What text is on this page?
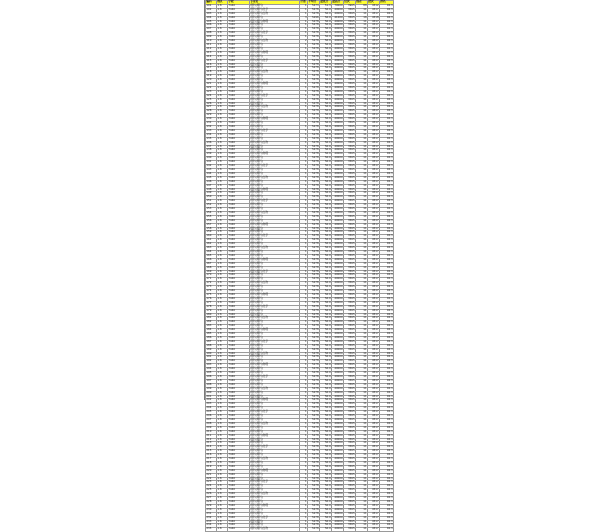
编码	地区	学校	专业名	计划	平均分	最低分	最高分	位次	线差	批次	排名
101	1·8	7440	理科(理科)	1	5273	51.3	79000	3965	88	4512	94.3
102	1·8	7440	理科(理科)化学	1	5278	56.9	49000	3565	11	4517	94.3
103	1·8	7440	理科(理科)生物	1	5278	56.9	49000	3565	11	4517	94.3
104	1·8	7440	理科(理科)	3	5296	56.9	41000	3565	16	4518	94.3
105	1·8	7440	理科(理科)物理	1	5278	56.9	49000	3565	11	4517	94.3
106	1·8	7440	理科(理科)	1	5278	56.9	49000	3565	11	4517	94.3
107	1·8	7440	理科(理科)	1	5278	56.9	49000	3565	11	4517	94.3
108	1·8	7440	理科(理科)化学	1	5278	56.9	49000	3565	11	4517	94.3
109	1·8	7440	理科(理科)	1	5278	56.9	49000	3565	11	4517	94.3
110	1·8	7440	理科(理科)生物	2	5278	56.9	49000	3565	11	4517	94.3
111	1·8	7440	理科(理科)	1	5278	56.9	49000	3565	11	4517	94.3
112	1·8	7440	理科(理科)	1	5278	56.9	49000	3565	11	4517	94.3
113	1·8	7440	理科(理科)物理	1	5278	56.9	49000	3565	11	4517	94.3
114	1·8	7440	理科(理科)	1	5278	56.9	49000	3565	11	4517	94.3
115	1·8	7440	理科(理科)化学	1	5278	56.9	49000	3565	11	4517	94.3
116	1·8	7440	理科(理科)	1	5278	56.9	49000	3565	11	4517	94.3
117	1·8	7440	理科(理科)	1	5278	56.9	49000	3565	11	4517	94.3
118	1·8	7440	理科(理科)生物	1	5278	56.9	49000	3565	11	4517	94.3
119	1·8	7440	理科(理科)	1	5278	56.9	49000	3565	11	4517	94.3
120	1·8	7440	理科(理科)	1	5278	56.9	49000	3565	11	4517	94.3
121	1·8	7440	理科(理科)物理	1	5278	56.9	49000	3565	11	4517	94.3
122	1·8	7440	理科(理科)	1	5278	56.9	49000	3565	11	4517	94.3
123	1·8	7440	理科(理科)	1	5278	56.9	49000	3565	11	4517	94.3
124	1·8	7440	理科(理科)化学	1	5278	56.9	49000	3565	11	4517	94.3
125	1·8	7440	理科(理科)	1	5278	56.9	49000	3565	11	4517	94.3
126	1·8	7440	理科(理科)	1	5278	56.9	49000	3565	11	4517	94.3
127	1·8	7440	理科(理科)生物	1	5278	56.9	49000	3565	11	4517	94.3
128	1·8	7440	理科(理科)	1	5278	56.9	49000	3565	11	4517	94.3
129	1·8	7440	理科(理科)	1	5278	56.9	49000	3565	11	4517	94.3
130	1·8	7440	理科(理科)物理	1	5278	56.9	49000	3565	11	4517	94.3
131	1·8	7440	理科(理科)	1	5278	56.9	49000	3565	11	4517	94.3
132	1·8	7440	理科(理科)	1	5278	56.9	49000	3565	11	4517	94.3
133	1·8	7440	理科(理科)化学	1	5278	56.9	49000	3565	11	4517	94.3
134	1·8	7440	理科(理科)	1	5278	56.9	49000	3565	11	4517	94.3
135	1·8	7440	理科(理科)	1	5278	56.9	49000	3565	11	4517	94.3
136	1·8	7440	理科(理科)生物	1	5278	56.9	49000	3565	11	4517	94.3
137	1·8	7440	理科(理科)	1	5278	56.9	49000	3565	11	4517	94.3
138	1·8	7440	理科(理科)	1	5278	56.9	49000	3565	11	4517	94.3
139	1·8	7440	理科(理科)物理	1	5278	56.9	49000	3565	11	4517	94.3
140	1·8	7440	理科(理科)	1	5278	56.9	49000	3565	11	4517	94.3
141	1·8	7440	理科(理科)	1	5278	56.9	49000	3565	11	4517	94.3
142	1·8	7440	理科(理科)化学	1	5278	56.9	49000	3565	11	4517	94.3
143	1·8	7440	理科(理科)	1	5278	56.9	49000	3565	11	4517	94.3
144	1·8	7440	理科(理科)	1	5278	56.9	49000	3565	11	4517	94.3
145	1·8	7440	理科(理科)生物	1	5278	56.9	49000	3565	11	4517	94.3
146	1·8	7440	理科(理科)	1	5278	56.9	49000	3565	11	4517	94.3
147	1·8	7440	理科(理科)	1	5278	56.9	49000	3565	11	4517	94.3
148	1·8	7440	理科(理科)物理	1	5278	56.9	49000	3565	11	4517	94.3
149	1·8	7440	理科(理科)	1	5278	56.9	49000	3565	11	4517	94.3
150	1·8	7440	理科(理科)	1	5278	56.9	49000	3565	11	4517	94.3
151	1·8	7440	理科(理科)化学	1	5278	56.9	49000	3565	11	4517	94.3
152	1·8	7440	理科(理科)	1	5278	56.9	49000	3565	11	4517	94.3
153	1·8	7440	理科(理科)	1	5278	56.9	49000	3565	11	4517	94.3
154	1·8	7440	理科(理科)生物	1	5278	56.9	49000	3565	11	4517	94.3
155	1·8	7440	理科(理科)	1	5278	56.9	49000	3565	11	4517	94.3
156	1·8	7440	理科(理科)	1	5278	56.9	49000	3565	11	4517	94.3
157	1·8	7440	理科(理科)物理	1	5278	56.9	49000	3565	11	4517	94.3
158	1·8	7440	理科(理科)	1	5278	56.9	49000	3565	11	4517	94.3
159	1·8	7440	理科(理科)	1	5278	56.9	49000	3565	11	4517	94.3
160	1·8	7440	理科(理科)化学	1	5278	56.9	49000	3565	11	4517	94.3
161	1·8	7440	理科(理科)	1	5278	56.9	49000	3565	11	4517	94.3
162	1·8	7440	理科(理科)	1	5278	56.9	49000	3565	11	4517	94.3
163	1·8	7440	理科(理科)生物	1	5278	56.9	49000	3565	11	4517	94.3
164	1·8	7440	理科(理科)	1	5278	56.9	49000	3565	11	4517	94.3
165	1·8	7440	理科(理科)	1	5278	56.9	49000	3565	11	4517	94.3
166	1·8	7440	理科(理科)物理	1	5278	56.9	49000	3565	11	4517	94.3
167	1·8	7440	理科(理科)	1	5278	56.9	49000	3565	11	4517	94.3
168	1·8	7440	理科(理科)	1	5278	56.9	49000	3565	11	4517	94.3
169	1·8	7440	理科(理科)化学	1	5278	56.9	49000	3565	11	4517	94.3
170	1·8	7440	理科(理科)	1	5278	56.9	49000	3565	11	4517	94.3
171	1·8	7440	理科(理科)	1	5278	56.9	49000	3565	11	4517	94.3
172	1·8	7440	理科(理科)生物	1	5278	56.9	49000	3565	11	4517	94.3
173	1·8	7440	理科(理科)	1	5278	56.9	49000	3565	11	4517	94.3
174	1·8	7440	理科(理科)	1	5278	56.9	49000	3565	11	4517	94.3
175	1·8	7440	理科(理科)物理	1	5278	56.9	49000	3565	11	4517	94.3
176	1·8	7440	理科(理科)	1	5278	56.9	49000	3565	11	4517	94.3
177	1·8	7440	理科(理科)	1	5278	56.9	49000	3565	11	4517	94.3
178	1·8	7440	理科(理科)化学	1	5278	56.9	49000	3565	11	4517	94.3
179	1·8	7440	理科(理科)	1	5278	56.9	49000	3565	11	4517	94.3
180	1·8	7440	理科(理科)	1	5278	56.9	49000	3565	11	4517	94.3
181	1·8	7440	理科(理科)生物	1	5278	56.9	49000	3565	11	4517	94.3
182	1·8	7440	理科(理科)	1	5278	56.9	49000	3565	11	4517	94.3
183	1·8	7440	理科(理科)	1	5278	56.9	49000	3565	11	4517	94.3
184	1·8	7440	理科(理科)物理	1	5278	56.9	49000	3565	11	4517	94.3
185	1·8	7440	理科(理科)	1	5278	56.9	49000	3565	11	4517	94.3
186	1·8	7440	理科(理科)	1	5278	56.9	49000	3565	11	4517	94.3
187	1·8	7440	理科(理科)化学	1	5278	56.9	49000	3565	11	4517	94.3
188	1·8	7440	理科(理科)	1	5278	56.9	49000	3565	11	4517	94.3
189	1·8	7440	理科(理科)	1	5278	56.9	49000	3565	11	4517	94.3
190	1·8	7440	理科(理科)生物	1	5278	56.9	49000	3565	11	4517	94.3
191	1·8	7440	理科(理科)	1	5278	56.9	49000	3565	11	4517	94.3
192	1·8	7440	理科(理科)	1	5278	56.9	49000	3565	11	4517	94.3
193	1·8	7440	理科(理科)物理	1	5278	56.9	49000	3565	11	4517	94.3
194	1·8	7440	理科(理科)	1	5278	56.9	49000	3565	11	4517	94.3
195	1·8	7440	理科(理科)	1	5278	56.9	49000	3565	11	4517	94.3
196	1·8	7440	理科(理科)化学	1	5278	56.9	49000	3565	11	4517	94.3
197	1·8	7440	理科(理科)	1	5278	56.9	49000	3565	11	4517	94.3
198	1·8	7440	理科(理科)	1	5278	56.9	49000	3565	11	4517	94.3
199	1·8	7440	理科(理科)生物	1	5278	56.9	49000	3565	11	4517	94.3
200	1·8	7440	理科(理科)	1	5278	56.9	49000	3565	11	4517	94.3
201	1·8	7440	理科(理科)	1	5278	56.9	49000	3565	11	4517	94.3
202	1·8	7440	理科(理科)物理	1	5278	56.9	49000	3565	11	4517	94.3
203	1·8	7440	理科(理科)	1	5278	56.9	49000	3565	11	4517	94.3
204	1·8	7440	理科(理科)	1	5278	56.9	49000	3565	11	4517	94.3
205	1·8	7440	理科(理科)化学	1	5278	56.9	49000	3565	11	4517	94.3
206	1·8	7440	理科(理科)	1	5278	56.9	49000	3565	11	4517	94.3
207	1·8	7440	理科(理科)	1	5278	56.9	49000	3565	11	4517	94.3
208	1·8	7440	理科(理科)生物	1	5278	56.9	49000	3565	11	4517	94.3
209	1·8	7440	理科(理科)	1	5278	56.9	49000	3565	11	4517	94.3
210	1·8	7440	理科(理科)	1	5278	56.9	49000	3565	11	4517	94.3
211	1·8	7440	理科(理科)物理	1	5278	56.9	49000	3565	11	4517	94.3
212	1·8	7440	理科(理科)	1	5278	56.9	49000	3565	11	4517	94.3
213	1·8	7440	理科(理科)	1	5278	56.9	49000	3565	11	4517	94.3
214	1·8	7440	理科(理科)化学	1	5278	56.9	49000	3565	11	4517	94.3
215	1·8	7440	理科(理科)	1	5278	56.9	49000	3565	11	4517	94.3
216	1·8	7440	理科(理科)	1	5278	56.9	49000	3565	11	4517	94.3
217	1·8	7440	理科(理科)生物	1	5278	56.9	49000	3565	11	4517	94.3
218	1·8	7440	理科(理科)	1	5278	56.9	49000	3565	11	4517	94.3
219	1·8	7440	理科(理科)	1	5278	56.9	49000	3565	11	4517	94.3
220	1·8	7440	理科(理科)物理	1	5278	56.9	49000	3565	11	4517	94.3
221	1·8	7440	理科(理科)	1	5278	56.9	49000	3565	11	4517	94.3
222	1·8	7440	理科(理科)	1	5278	56.9	49000	3565	11	4517	94.3
223	1·8	7440	理科(理科)化学	1	5278	56.9	49000	3565	11	4517	94.3
224	1·8	7440	理科(理科)	1	5278	56.9	49000	3565	11	4517	94.3
225	1·8	7440	理科(理科)	1	5278	56.9	49000	3565	11	4517	94.3
226	1·8	7440	理科(理科)生物	1	5278	56.9	49000	3565	11	4517	94.3
227	1·8	7440	理科(理科)	1	5278	56.9	49000	3565	11	4517	94.3
228	1·8	7440	理科(理科)	1	5278	56.9	49000	3565	11	4517	94.3
229	1·8	7440	理科(理科)物理	1	5278	56.9	49000	3565	11	4517	94.3
230	1·8	7440	理科(理科)	1	5278	56.9	49000	3565	11	4517	94.3
231	1·8	7440	理科(理科)	1	5278	56.9	49000	3565	11	4517	94.3
232	1·8	7440	理科(理科)化学	1	5278	56.9	49000	3565	11	4517	94.3
233	1·8	7440	理科(理科)	1	5278	56.9	49000	3565	11	4517	94.3
234	1·8	7440	理科(理科)	1	5278	56.9	49000	3565	11	4517	94.3
235	1·8	7440	理科(理科)生物	1	5278	56.9	49000	3565	11	4517	94.3
